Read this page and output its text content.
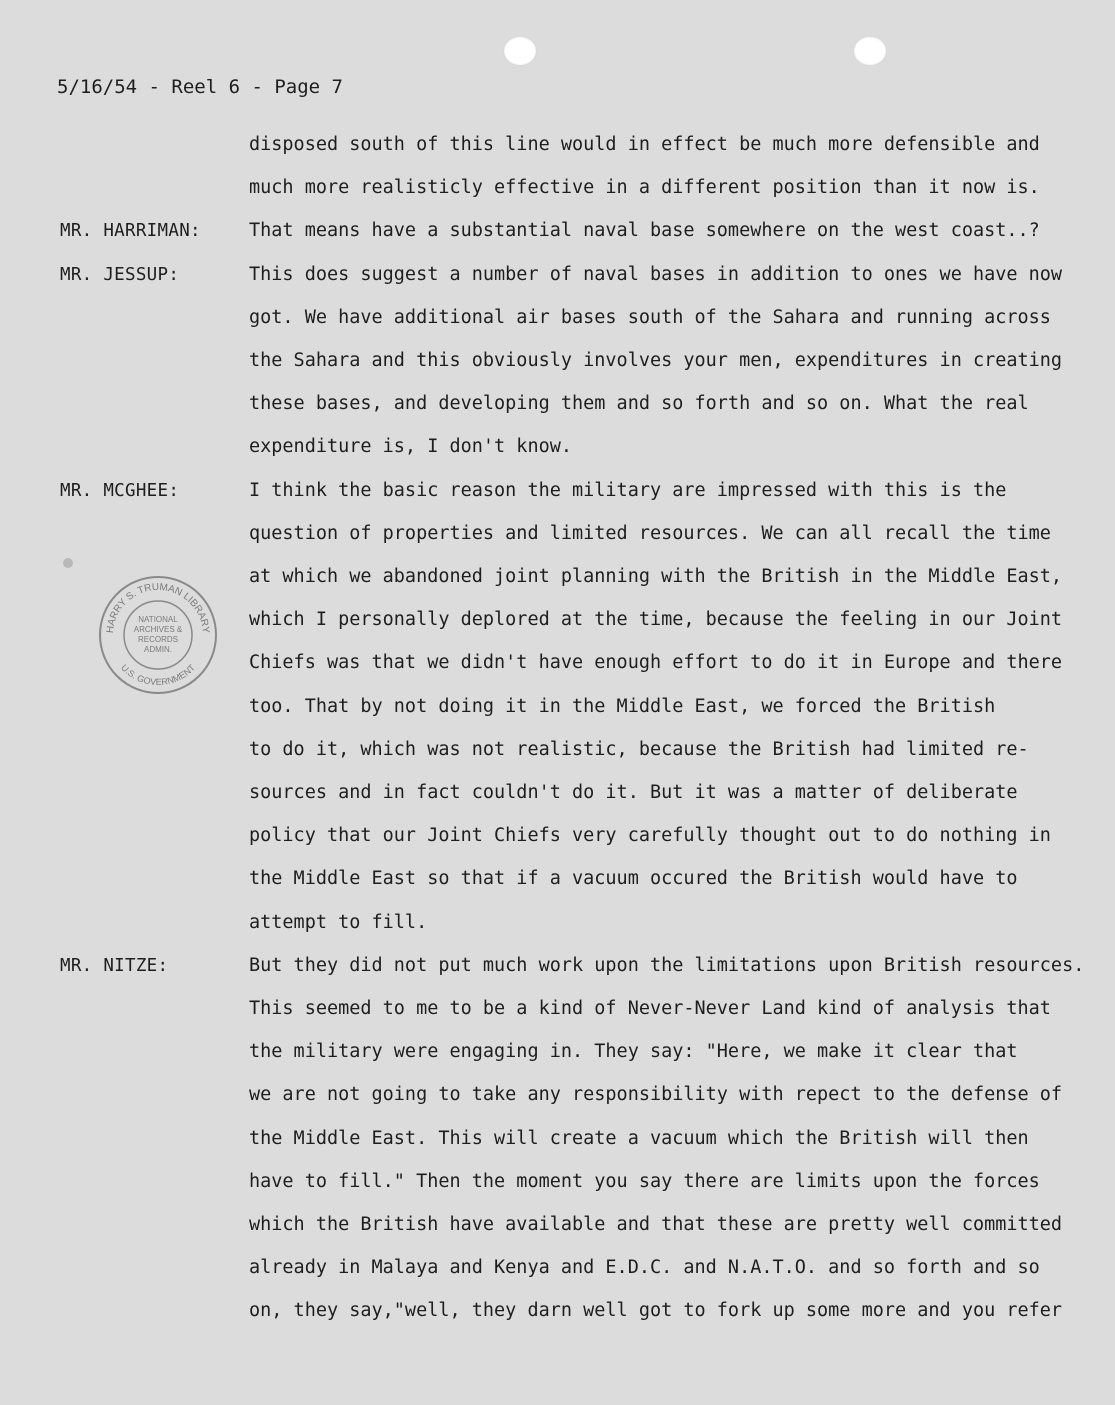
5/16/54 - Reel 6 - Page 7
HARRY S. TRUMAN LIBRARY
U.S. GOVERNMENT
NATIONAL
ARCHIVES &
RECORDS
ADMIN.
disposed south of this line would in effect be much more defensible and
much more realisticly effective in a different position than it now is.
That means have a substantial naval base somewhere on the west coast..?
This does suggest a number of naval bases in addition to ones we have now
got. We have additional air bases south of the Sahara and running across
the Sahara and this obviously involves your men, expenditures in creating
these bases, and developing them and so forth and so on. What the real
expenditure is, I don't know.
I think the basic reason the military are impressed with this is the
question of properties and limited resources. We can all recall the time
at which we abandoned joint planning with the British in the Middle East,
which I personally deplored at the time, because the feeling in our Joint
Chiefs was that we didn't have enough effort to do it in Europe and there
too. That by not doing it in the Middle East, we forced the British
to do it, which was not realistic, because the British had limited re-
sources and in fact couldn't do it. But it was a matter of deliberate
policy that our Joint Chiefs very carefully thought out to do nothing in
the Middle East so that if a vacuum occured the British would have to
attempt to fill.
But they did not put much work upon the limitations upon British resources.
This seemed to me to be a kind of Never-Never Land kind of analysis that
the military were engaging in. They say: "Here, we make it clear that
we are not going to take any responsibility with repect to the defense of
the Middle East. This will create a vacuum which the British will then
have to fill." Then the moment you say there are limits upon the forces
which the British have available and that these are pretty well committed
already in Malaya and Kenya and E.D.C. and N.A.T.O. and so forth and so
on, they say,"well, they darn well got to fork up some more and you refer
MR. HARRIMAN:
MR. JESSUP:
MR. MCGHEE:
MR. NITZE:
